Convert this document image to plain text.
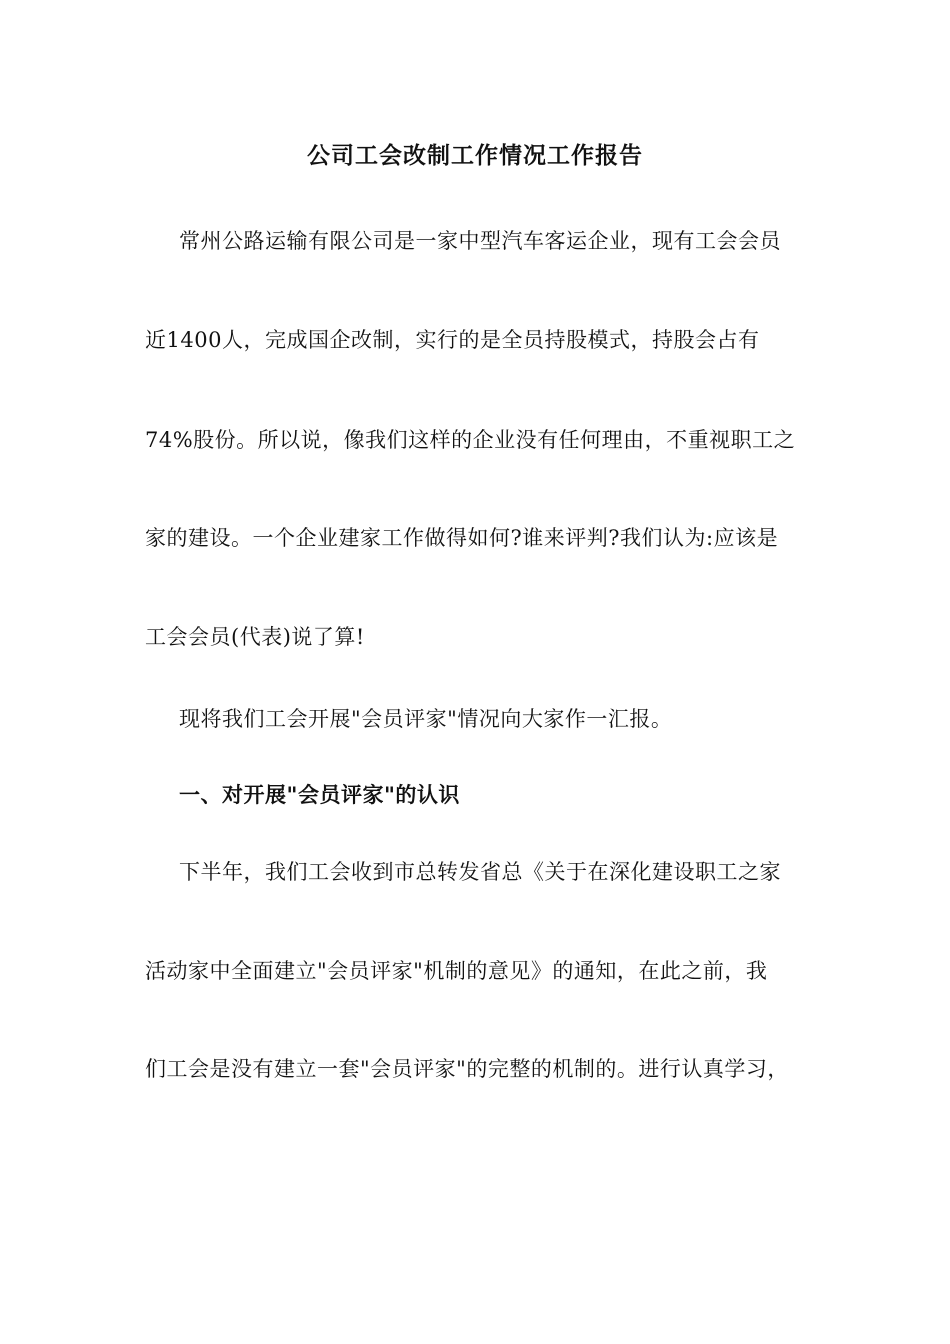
公司工会改制工作情况工作报告
常州公路运输有限公司是一家中型汽车客运企业，现有工会会员
近1400人，完成国企改制，实行的是全员持股模式，持股会占有
74%股份。所以说，像我们这样的企业没有任何理由，不重视职工之
家的建设。一个企业建家工作做得如何?谁来评判?我们认为:应该是
工会会员(代表)说了算!
现将我们工会开展"会员评家"情况向大家作一汇报。
一、对开展"会员评家"的认识
下半年，我们工会收到市总转发省总《关于在深化建设职工之家
活动家中全面建立"会员评家"机制的意见》的通知，在此之前，我
们工会是没有建立一套"会员评家"的完整的机制的。进行认真学习，
